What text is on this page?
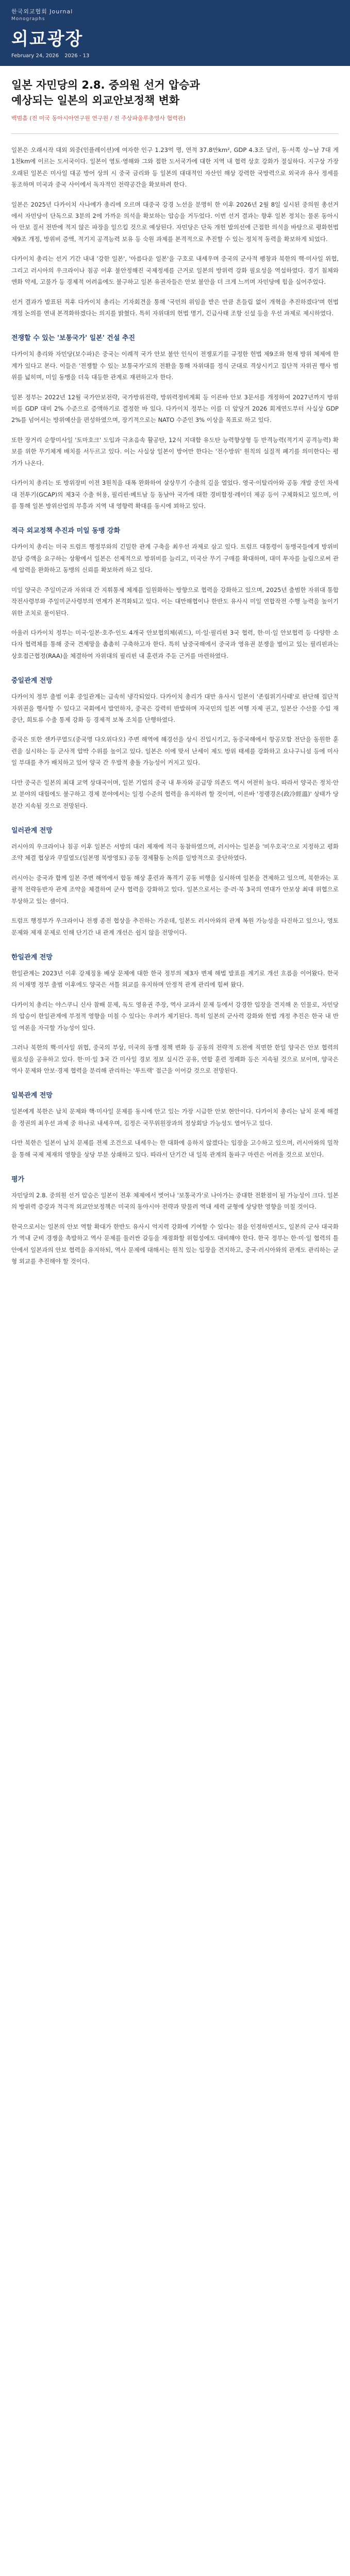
한국외교협회 Journal
Monographs
외교광장
February 24, 2026 2026 - 13
일본 자민당의 2.8. 중의원 선거 압승과
예상되는 일본의 외교안보정책 변화
백범흠 (전 미국 동아시아연구원 연구원 / 전 주상파울루총영사 협력관)

일본은 오래시작 대외 외중(인플레이션)에 여자한 인구 1.23억 명, 연적 37.8만km², GDP 4.3조 달러, 동·서쪽 상~남 7대 게 1천km에 이르는 도서국이다. 일본이 영토·영해와 그와 접한 도서국가에 대한 지역 내 협력 상호 강화가 절실하다. 지구상 가장 오래된 일본은 미사일 대공 방어 상의 시 중국 금리와 등 일본의 대대적인 자산인 해상 강력한 국방력으로 외국과 유사 정세를 동조하며 미국과 중국 사이에서 독자적인 전략공간을 확보하려 한다.

일본은 2025년 다카이치 사나에가 총리에 오르며 대중국 강경 노선을 분명히 한 이후 2026년 2월 8일 실시된 중의원 총선거에서 자민당이 단독으로 3분의 2에 가까운 의석을 확보하는 압승을 거두었다. 이번 선거 결과는 향후 일본 정치는 물론 동아시아 안보 질서 전반에 적지 않은 파장을 일으킬 것으로 예상된다. 자민당은 단독 개헌 발의선에 근접한 의석을 바탕으로 평화헌법 제9조 개정, 방위비 증액, 적기지 공격능력 보유 등 숙원 과제를 본격적으로 추진할 수 있는 정치적 동력을 확보하게 되었다.

다카이치 총리는 선거 기간 내내 '강한 일본', '아름다운 일본'을 구호로 내세우며 중국의 군사적 팽창과 북한의 핵·미사일 위협, 그리고 러시아의 우크라이나 침공 이후 불안정해진 국제정세를 근거로 일본의 방위력 강화 필요성을 역설하였다. 경기 침체와 엔화 약세, 고물가 등 경제적 어려움에도 불구하고 일본 유권자들은 안보 불안을 더 크게 느끼며 자민당에 힘을 실어주었다.

선거 결과가 발표된 직후 다카이치 총리는 기자회견을 통해 '국민의 위임을 받은 만큼 흔들림 없이 개혁을 추진하겠다'며 헌법 개정 논의를 연내 본격화하겠다는 의지를 밝혔다. 특히 자위대의 헌법 명기, 긴급사태 조항 신설 등을 우선 과제로 제시하였다.

전쟁할 수 있는 '보통국가' 일본' 건설 추진

다카이치 총리와 자민당(보수파)은 중국는 이례적 국가 안보 불안 인식이 전쟁포기를 규정한 헌법 제9조와 현재 방위 체제에 한계가 있다고 본다. 이들은 '전쟁할 수 있는 보통국가'로의 전환을 통해 자위대를 정식 군대로 격상시키고 집단적 자위권 행사 범위를 넓히며, 미일 동맹을 더욱 대등한 관계로 재편하고자 한다.

일본 정부는 2022년 12월 국가안보전략, 국가방위전략, 방위력정비계획 등 이른바 안보 3문서를 개정하여 2027년까지 방위비를 GDP 대비 2% 수준으로 증액하기로 결정한 바 있다. 다카이치 정부는 이를 더 앞당겨 2026 회계연도부터 사실상 GDP 2%를 넘어서는 방위예산을 편성하였으며, 장기적으로는 NATO 수준인 3% 이상을 목표로 하고 있다.

또한 장거리 순항미사일 '토마호크' 도입과 극초음속 활공탄, 12식 지대함 유도탄 능력향상형 등 반격능력(적기지 공격능력) 확보를 위한 무기체계 배치를 서두르고 있다. 이는 사실상 일본이 방어만 한다는 '전수방위' 원칙의 실질적 폐기를 의미한다는 평가가 나온다.

다카이치 총리는 또 방위장비 이전 3원칙을 대폭 완화하여 살상무기 수출의 길을 열었다. 영국·이탈리아와 공동 개발 중인 차세대 전투기(GCAP)의 제3국 수출 허용, 필리핀·베트남 등 동남아 국가에 대한 경비함정·레이더 제공 등이 구체화되고 있으며, 이를 통해 일본 방위산업의 부흥과 지역 내 영향력 확대를 동시에 꾀하고 있다.

적극 외교정책 추진과 미일 동맹 강화

다카이치 총리는 미국 트럼프 행정부와의 긴밀한 관계 구축을 최우선 과제로 삼고 있다. 트럼프 대통령이 동맹국들에게 방위비 분담 증액을 요구하는 상황에서 일본은 선제적으로 방위비를 늘리고, 미국산 무기 구매를 확대하며, 대미 투자를 늘림으로써 관세 압력을 완화하고 동맹의 신뢰를 확보하려 하고 있다.

미일 양국은 주일미군과 자위대 간 지휘통제 체계를 일원화하는 방향으로 협력을 강화하고 있으며, 2025년 출범한 자위대 통합작전사령부와 주일미군사령부의 연계가 본격화되고 있다. 이는 대만해협이나 한반도 유사시 미일 연합작전 수행 능력을 높이기 위한 조치로 풀이된다.

아울러 다카이치 정부는 미국·일본·호주·인도 4개국 안보협의체(쿼드), 미·일·필리핀 3국 협력, 한·미·일 안보협력 등 다양한 소다자 협력체를 통해 중국 견제망을 촘촘히 구축하고자 한다. 특히 남중국해에서 중국과 영유권 분쟁을 벌이고 있는 필리핀과는 상호접근협정(RAA)을 체결하여 자위대의 필리핀 내 훈련과 주둔 근거를 마련하였다.

중일관계 전망

다카이치 정부 출범 이후 중일관계는 급속히 냉각되었다. 다카이치 총리가 대만 유사시 일본이 '존립위기사태'로 판단해 집단적 자위권을 행사할 수 있다고 국회에서 발언하자, 중국은 강력히 반발하며 자국민의 일본 여행 자제 권고, 일본산 수산물 수입 재중단, 희토류 수출 통제 강화 등 경제적 보복 조치를 단행하였다.

중국은 또한 센카쿠열도(중국명 댜오위다오) 주변 해역에 해경선을 상시 진입시키고, 동중국해에서 항공모함 전단을 동원한 훈련을 실시하는 등 군사적 압박 수위를 높이고 있다. 일본은 이에 맞서 난세이 제도 방위 태세를 강화하고 요나구니섬 등에 미사일 부대를 추가 배치하고 있어 양국 간 우발적 충돌 가능성이 커지고 있다.

다만 중국은 일본의 최대 교역 상대국이며, 일본 기업의 중국 내 투자와 공급망 의존도 역시 여전히 높다. 따라서 양국은 정치·안보 분야의 대립에도 불구하고 경제 분야에서는 일정 수준의 협력을 유지하려 할 것이며, 이른바 '정랭경온(政冷經溫)' 상태가 당분간 지속될 것으로 전망된다.

일러관계 전망

러시아의 우크라이나 침공 이후 일본은 서방의 대러 제재에 적극 동참하였으며, 러시아는 일본을 '비우호국'으로 지정하고 평화조약 체결 협상과 쿠릴열도(일본명 북방영토) 공동 경제활동 논의를 일방적으로 중단하였다.

러시아는 중국과 함께 일본 주변 해역에서 합동 해상 훈련과 폭격기 공동 비행을 실시하며 일본을 견제하고 있으며, 북한과는 포괄적 전략동반자 관계 조약을 체결하여 군사 협력을 강화하고 있다. 일본으로서는 중·러·북 3국의 연대가 안보상 최대 위협으로 부상하고 있는 셈이다.

트럼프 행정부가 우크라이나 전쟁 종전 협상을 추진하는 가운데, 일본도 러시아와의 관계 복원 가능성을 타진하고 있으나, 영토 문제와 제재 문제로 인해 단기간 내 관계 개선은 쉽지 않을 전망이다.

한일관계 전망

한일관계는 2023년 이후 강제징용 배상 문제에 대한 한국 정부의 제3자 변제 해법 발표를 계기로 개선 흐름을 이어왔다. 한국의 이재명 정부 출범 이후에도 양국은 셔틀 외교를 유지하며 안정적 관계 관리에 힘써 왔다.

다카이치 총리는 야스쿠니 신사 참배 문제, 독도 영유권 주장, 역사 교과서 문제 등에서 강경한 입장을 견지해 온 인물로, 자민당의 압승이 한일관계에 부정적 영향을 미칠 수 있다는 우려가 제기된다. 특히 일본의 군사력 강화와 헌법 개정 추진은 한국 내 반일 여론을 자극할 가능성이 있다.

그러나 북한의 핵·미사일 위협, 중국의 부상, 미국의 동맹 정책 변화 등 공동의 전략적 도전에 직면한 한일 양국은 안보 협력의 필요성을 공유하고 있다. 한·미·일 3국 간 미사일 경보 정보 실시간 공유, 연합 훈련 정례화 등은 지속될 것으로 보이며, 양국은 역사 문제와 안보·경제 협력을 분리해 관리하는 '투트랙' 접근을 이어갈 것으로 전망된다.

일북관계 전망

일본에게 북한은 납치 문제와 핵·미사일 문제를 동시에 안고 있는 가장 시급한 안보 현안이다. 다카이치 총리는 납치 문제 해결을 정권의 최우선 과제 중 하나로 내세우며, 김정은 국무위원장과의 정상회담 가능성도 열어두고 있다.

다만 북한은 일본이 납치 문제를 전제 조건으로 내세우는 한 대화에 응하지 않겠다는 입장을 고수하고 있으며, 러시아와의 밀착을 통해 국제 제재의 영향을 상당 부분 상쇄하고 있다. 따라서 단기간 내 일북 관계의 돌파구 마련은 어려울 것으로 보인다.

평가

자민당의 2.8. 중의원 선거 압승은 일본이 전후 체제에서 벗어나 '보통국가'로 나아가는 중대한 전환점이 될 가능성이 크다. 일본의 방위력 증강과 적극적 외교안보정책은 미국의 동아시아 전략과 맞물려 역내 세력 균형에 상당한 영향을 미칠 것이다.

한국으로서는 일본의 안보 역할 확대가 한반도 유사시 억지력 강화에 기여할 수 있다는 점을 인정하면서도, 일본의 군사 대국화가 역내 군비 경쟁을 촉발하고 역사 문제를 둘러싼 갈등을 재점화할 위험성에도 대비해야 한다. 한국 정부는 한·미·일 협력의 틀 안에서 일본과의 안보 협력을 유지하되, 역사 문제에 대해서는 원칙 있는 입장을 견지하고, 중국·러시아와의 관계도 관리하는 균형 외교를 추진해야 할 것이다.
